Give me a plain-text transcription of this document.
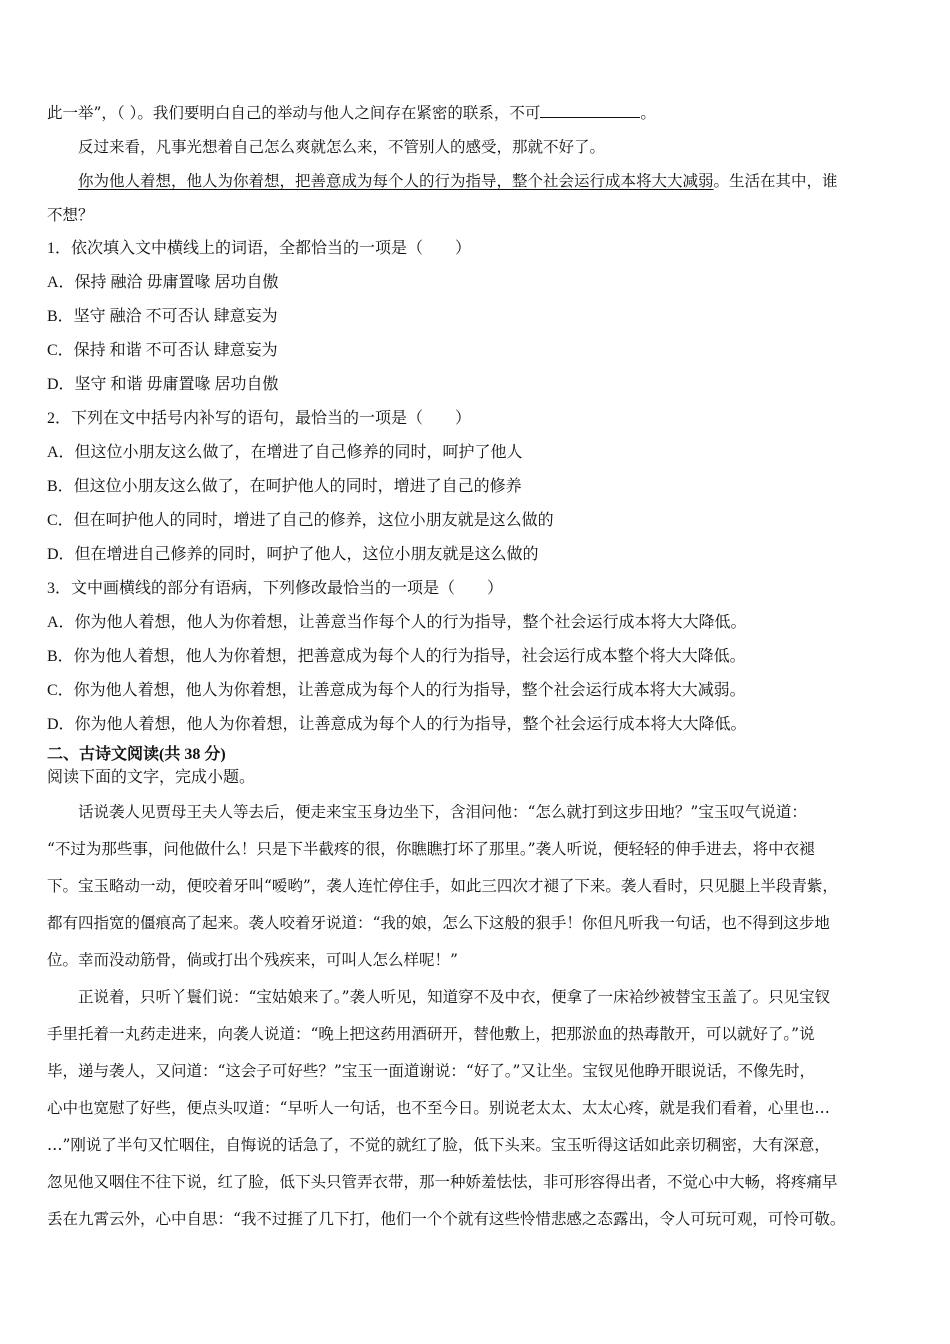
此一举”，（ ）。我们要明白自己的举动与他人之间存在紧密的联系，不可	。
反过来看，凡事光想着自己怎么爽就怎么来，不管别人的感受，那就不好了。
你为他人着想，他人为你着想，把善意成为每个人的行为指导，整个社会运行成本将大大减弱。生活在其中，谁
不想？
1．依次填入文中横线上的词语，全都恰当的一项是（　　）
A．保持 融洽 毋庸置喙 居功自傲
B．坚守 融洽 不可否认 肆意妄为
C．保持 和谐 不可否认 肆意妄为
D．坚守 和谐 毋庸置喙 居功自傲
2．下列在文中括号内补写的语句，最恰当的一项是（　　）
A．但这位小朋友这么做了，在增进了自己修养的同时，呵护了他人
B．但这位小朋友这么做了，在呵护他人的同时，增进了自己的修养
C．但在呵护他人的同时，增进了自己的修养，这位小朋友就是这么做的
D．但在增进自己修养的同时，呵护了他人，这位小朋友就是这么做的
3．文中画横线的部分有语病，下列修改最恰当的一项是（　　）
A．你为他人着想，他人为你着想，让善意当作每个人的行为指导，整个社会运行成本将大大降低。
B．你为他人着想，他人为你着想，把善意成为每个人的行为指导，社会运行成本整个将大大降低。
C．你为他人着想，他人为你着想，让善意成为每个人的行为指导，整个社会运行成本将大大减弱。
D．你为他人着想，他人为你着想，让善意成为每个人的行为指导，整个社会运行成本将大大降低。
二、古诗文阅读(共 38 分)
阅读下面的文字，完成小题。
话说袭人见贾母王夫人等去后，便走来宝玉身边坐下，含泪问他：“怎么就打到这步田地？”宝玉叹气说道：
“不过为那些事，问他做什么！只是下半截疼的很，你瞧瞧打坏了那里。”袭人听说，便轻轻的伸手进去，将中衣褪
下。宝玉略动一动，便咬着牙叫“嗳哟”，袭人连忙停住手，如此三四次才褪了下来。袭人看时，只见腿上半段青紫，
都有四指宽的僵痕高了起来。袭人咬着牙说道：“我的娘，怎么下这般的狠手！你但凡听我一句话，也不得到这步地
位。幸而没动筋骨，倘或打出个残疾来，可叫人怎么样呢！”
正说着，只听丫鬟们说：“宝姑娘来了。”袭人听见，知道穿不及中衣，便拿了一床袷纱被替宝玉盖了。只见宝钗
手里托着一丸药走进来，向袭人说道：“晚上把这药用酒研开，替他敷上，把那淤血的热毒散开，可以就好了。”说
毕，递与袭人，又问道：“这会子可好些？”宝玉一面道谢说：“好了。”又让坐。宝钗见他睁开眼说话，不像先时，
心中也宽慰了好些，便点头叹道：“早听人一句话，也不至今日。别说老太太、太太心疼，就是我们看着，心里也…
…”刚说了半句又忙咽住，自悔说的话急了，不觉的就红了脸，低下头来。宝玉听得这话如此亲切稠密，大有深意，
忽见他又咽住不往下说，红了脸，低下头只管弄衣带，那一种娇羞怯怯，非可形容得出者，不觉心中大畅，将疼痛早
丢在九霄云外，心中自思：“我不过捱了几下打，他们一个个就有这些怜惜悲感之态露出，令人可玩可观，可怜可敬。
